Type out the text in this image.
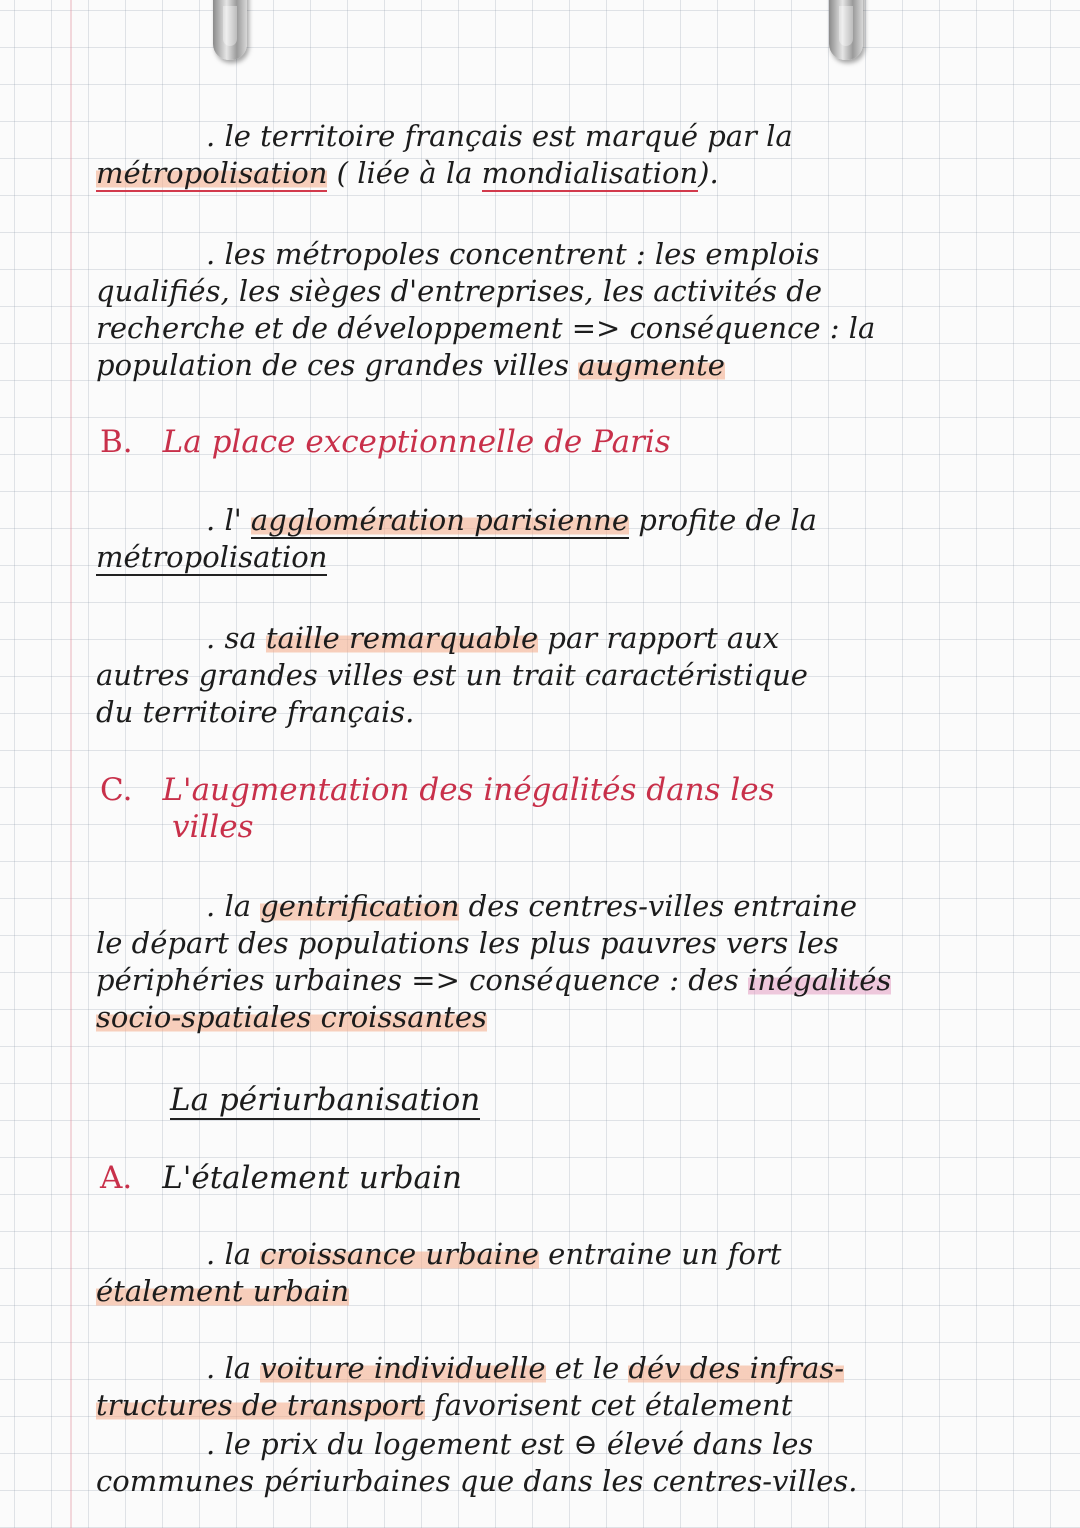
. le territoire français est marqué par la
métropolisation ( liée à la mondialisation).

. les métropoles concentrent : les emplois
qualifiés, les sièges d'entreprises, les activités de
recherche et de développement => conséquence : la
population de ces grandes villes augmente

B. La place exceptionnelle de Paris

. l' agglomération parisienne profite de la
métropolisation

. sa taille remarquable par rapport aux
autres grandes villes est un trait caractéristique
du territoire français.

C. L'augmentation des inégalités dans les
villes

. la gentrification des centres-villes entraine
le départ des populations les plus pauvres vers les
périphéries urbaines => conséquence : des inégalités
socio-spatiales croissantes

La périurbanisation

A. L'étalement urbain

. la croissance urbaine entraine un fort
étalement urbain

. la voiture individuelle et le dév des infras-
tructures de transport favorisent cet étalement

. le prix du logement est ⊖ élevé dans les
communes périurbaines que dans les centres-villes.
